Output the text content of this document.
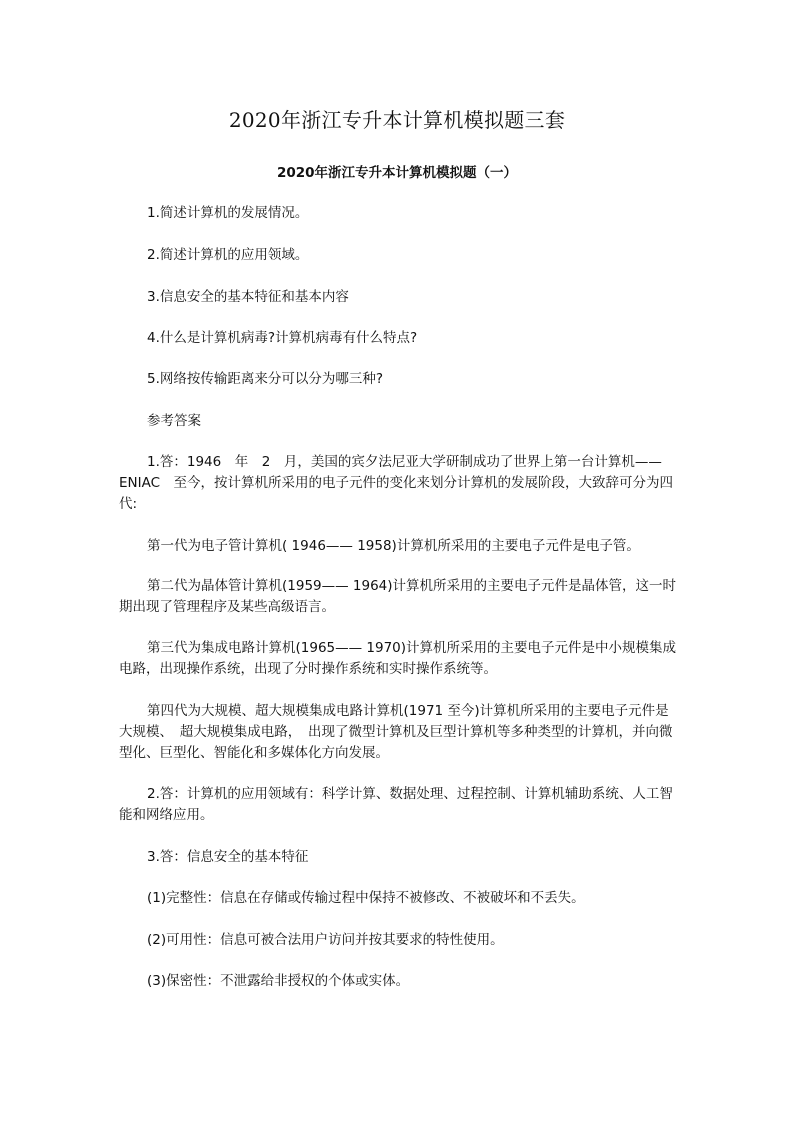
2020年浙江专升本计算机模拟题三套
2020年浙江专升本计算机模拟题（一）

1.简述计算机的发展情况。

2.简述计算机的应用领域。

3.信息安全的基本特征和基本内容

4.什么是计算机病毒?计算机病毒有什么特点?

5.网络按传输距离来分可以分为哪三种?

参考答案

1.答：1946　年　2　月，美国的宾夕法尼亚大学研制成功了世界上第一台计算机——ENIAC　至今，按计算机所采用的电子元件的变化来划分计算机的发展阶段，大致辞可分为四代:

第一代为电子管计算机( 1946—— 1958)计算机所采用的主要电子元件是电子管。

第二代为晶体管计算机(1959—— 1964)计算机所采用的主要电子元件是晶体管，这一时期出现了管理程序及某些高级语言。

第三代为集成电路计算机(1965—— 1970)计算机所采用的主要电子元件是中小规模集成电路，出现操作系统，出现了分时操作系统和实时操作系统等。

第四代为大规模、超大规模集成电路计算机(1971 至今)计算机所采用的主要电子元件是大规模、　超大规模集成电路，　出现了微型计算机及巨型计算机等多种类型的计算机，并向微型化、巨型化、智能化和多媒体化方向发展。

2.答：计算机的应用领域有：科学计算、数据处理、过程控制、计算机辅助系统、人工智能和网络应用。

3.答：信息安全的基本特征

(1)完整性：信息在存储或传输过程中保持不被修改、不被破坏和不丢失。

(2)可用性：信息可被合法用户访问并按其要求的特性使用。

(3)保密性：不泄露给非授权的个体或实体。
